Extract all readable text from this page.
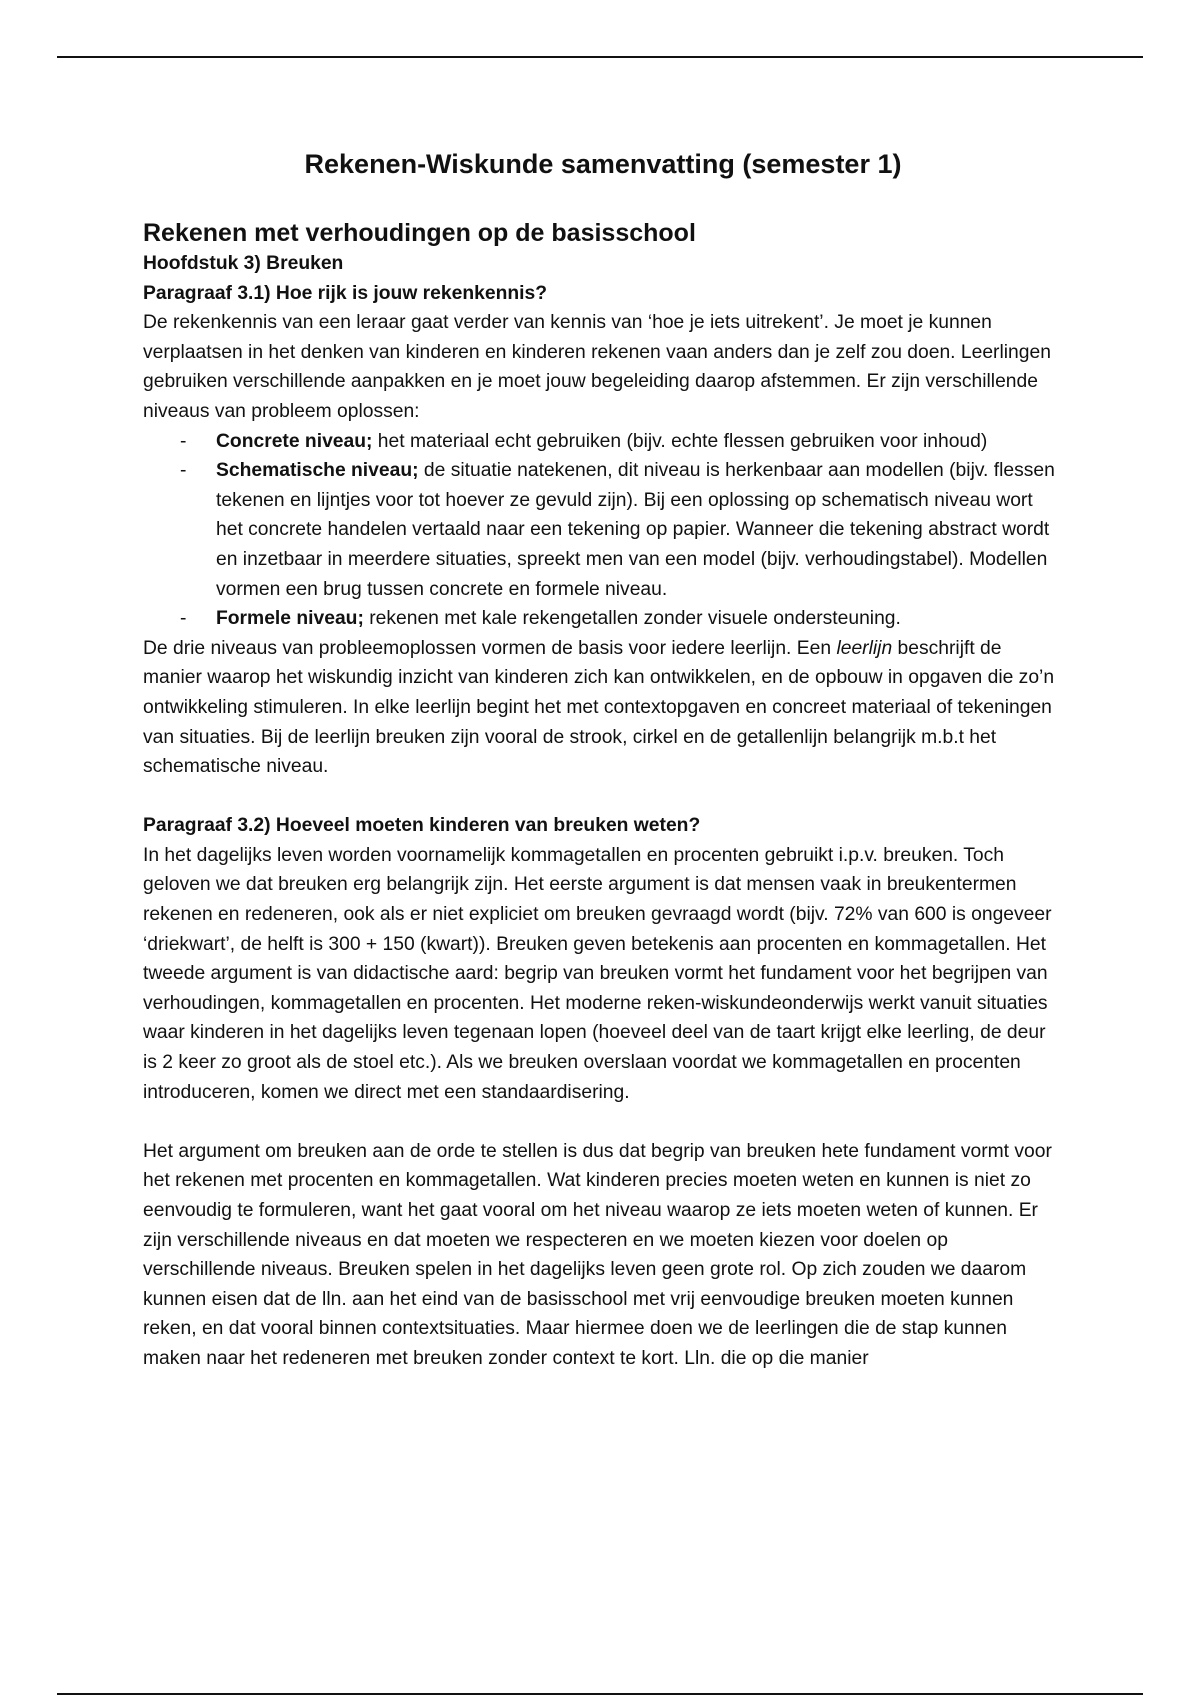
Rekenen-Wiskunde samenvatting (semester 1)
Rekenen met verhoudingen op de basisschool
Hoofdstuk 3) Breuken
Paragraaf 3.1) Hoe rijk is jouw rekenkennis?

De rekenkennis van een leraar gaat verder van kennis van ‘hoe je iets uitrekent’. Je moet je kunnen verplaatsen in het denken van kinderen en kinderen rekenen vaan anders dan je zelf zou doen. Leerlingen gebruiken verschillende aanpakken en je moet jouw begeleiding daarop afstemmen. Er zijn verschillende niveaus van probleem oplossen:

- Concrete niveau; het materiaal echt gebruiken (bijv. echte flessen gebruiken voor inhoud)
- Schematische niveau; de situatie natekenen, dit niveau is herkenbaar aan modellen (bijv. flessen tekenen en lijntjes voor tot hoever ze gevuld zijn). Bij een oplossing op schematisch niveau wort het concrete handelen vertaald naar een tekening op papier. Wanneer die tekening abstract wordt en inzetbaar in meerdere situaties, spreekt men van een model (bijv. verhoudingstabel). Modellen vormen een brug tussen concrete en formele niveau.
- Formele niveau; rekenen met kale rekengetallen zonder visuele ondersteuning.

De drie niveaus van probleemoplossen vormen de basis voor iedere leerlijn. Een leerlijn beschrijft de manier waarop het wiskundig inzicht van kinderen zich kan ontwikkelen, en de opbouw in opgaven die zo’n ontwikkeling stimuleren. In elke leerlijn begint het met contextopgaven en concreet materiaal of tekeningen van situaties. Bij de leerlijn breuken zijn vooral de strook, cirkel en de getallenlijn belangrijk m.b.t het schematische niveau.

Paragraaf 3.2) Hoeveel moeten kinderen van breuken weten?

In het dagelijks leven worden voornamelijk kommagetallen en procenten gebruikt i.p.v. breuken. Toch geloven we dat breuken erg belangrijk zijn. Het eerste argument is dat mensen vaak in breukentermen rekenen en redeneren, ook als er niet expliciet om breuken gevraagd wordt (bijv. 72% van 600 is ongeveer ‘driekwart’, de helft is 300 + 150 (kwart)). Breuken geven betekenis aan procenten en kommagetallen. Het tweede argument is van didactische aard: begrip van breuken vormt het fundament voor het begrijpen van verhoudingen, kommagetallen en procenten. Het moderne reken-wiskundeonderwijs werkt vanuit situaties waar kinderen in het dagelijks leven tegenaan lopen (hoeveel deel van de taart krijgt elke leerling, de deur is 2 keer zo groot als de stoel etc.). Als we breuken overslaan voordat we kommagetallen en procenten introduceren, komen we direct met een standaardisering.

Het argument om breuken aan de orde te stellen is dus dat begrip van breuken hete fundament vormt voor het rekenen met procenten en kommagetallen. Wat kinderen precies moeten weten en kunnen is niet zo eenvoudig te formuleren, want het gaat vooral om het niveau waarop ze iets moeten weten of kunnen. Er zijn verschillende niveaus en dat moeten we respecteren en we moeten kiezen voor doelen op verschillende niveaus. Breuken spelen in het dagelijks leven geen grote rol. Op zich zouden we daarom kunnen eisen dat de lln. aan het eind van de basisschool met vrij eenvoudige breuken moeten kunnen reken, en dat vooral binnen contextsituaties. Maar hiermee doen we de leerlingen die de stap kunnen maken naar het redeneren met breuken zonder context te kort. Lln. die op die manier
